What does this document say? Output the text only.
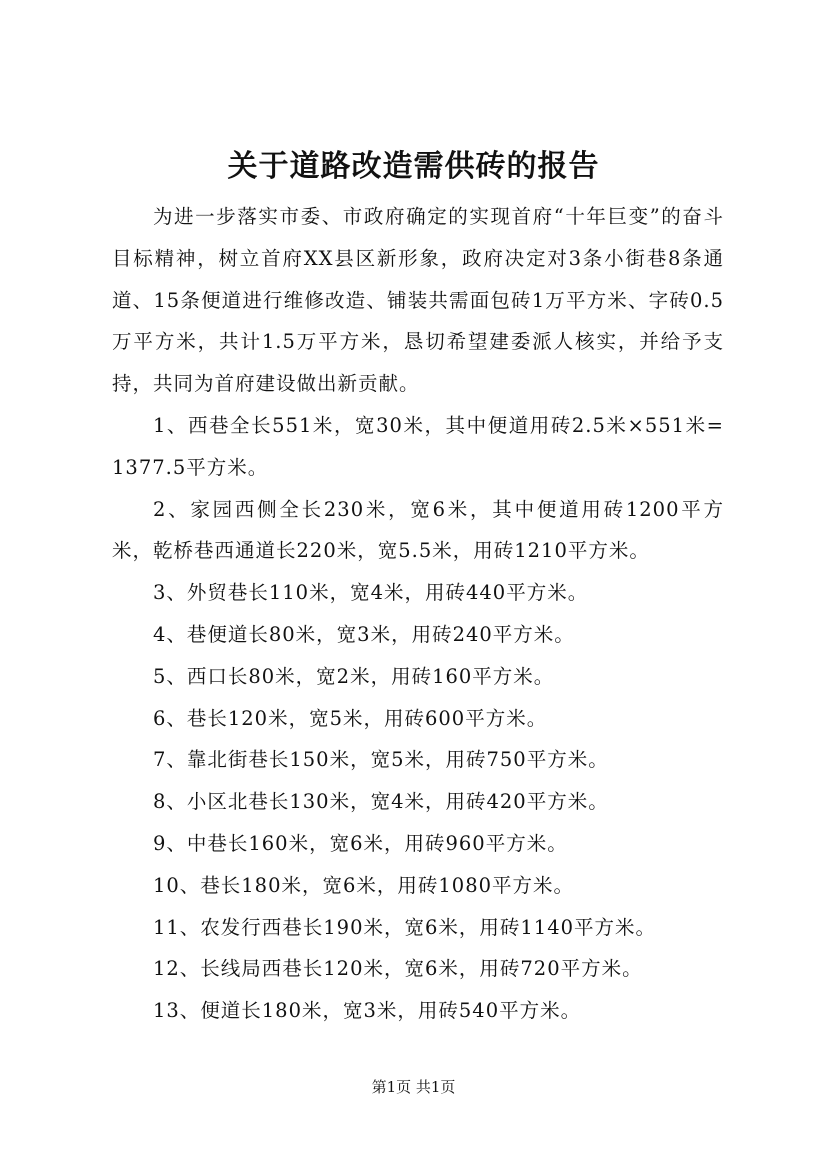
关于道路改造需供砖的报告

为进一步落实市委、市政府确定的实现首府“十年巨变”的奋斗目标精神，树立首府XX县区新形象，政府决定对3条小街巷8条通道、15条便道进行维修改造、铺装共需面包砖1万平方米、字砖0.5万平方米，共计1.5万平方米，恳切希望建委派人核实，并给予支持，共同为首府建设做出新贡献。

1、西巷全长551米，宽30米，其中便道用砖2.5米×551米=1377.5平方米。

2、家园西侧全长230米，宽6米，其中便道用砖1200平方米，乾桥巷西通道长220米，宽5.5米，用砖1210平方米。

3、外贸巷长110米，宽4米，用砖440平方米。

4、巷便道长80米，宽3米，用砖240平方米。

5、西口长80米，宽2米，用砖160平方米。

6、巷长120米，宽5米，用砖600平方米。

7、靠北街巷长150米，宽5米，用砖750平方米。

8、小区北巷长130米，宽4米，用砖420平方米。

9、中巷长160米，宽6米，用砖960平方米。

10、巷长180米，宽6米，用砖1080平方米。

11、农发行西巷长190米，宽6米，用砖1140平方米。

12、长线局西巷长120米，宽6米，用砖720平方米。

13、便道长180米，宽3米，用砖540平方米。

第1页 共1页
